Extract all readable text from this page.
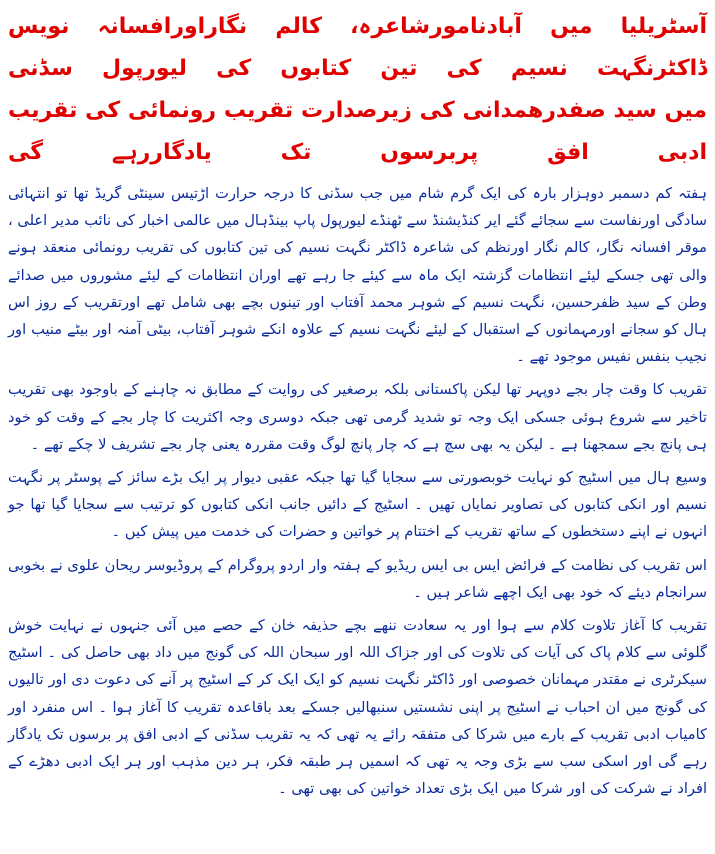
آسٹریلیا میں آبادنامورشاعرہ، کالم نگاراورافسانہ نویس ڈاکٹرنگہت نسیم کی تین کتابوں کی لیورپول سڈنی
میں سید صفدرھمدانی کی زیرصدارت تقریب رونمائی کی تقریب ادبی افق پربرسوں تک یادگاررہے گی

ہفتہ کم دسمبر دوہزار بارہ کی ایک گرم شام میں جب سڈنی کا درجہ حرارت اڑتیس سینٹی گریڈ تھا تو انتہائی سادگی اورنفاست سے سجائے گئے ایر کنڈیشنڈ سے ٹھنڈے لیورپول پاپ بینڈہال میں عالمی اخبار کی نائب مدیر اعلی ، موقر افسانہ نگار، کالم نگار اورنظم کی شاعرہ ڈاکٹر نگہت نسیم کی تین کتابوں کی تقریب رونمائی منعقد ہونے والی تھی جسکے لیئے انتظامات گزشتہ ایک ماہ سے کیئے جا رہے تھے اوران انتظامات کے لیئے مشوروں میں صدائے وطن کے سید ظفرحسین، نگہت نسیم کے شوہر محمد آفتاب اور تینوں بچے بھی شامل تھے اورتقریب کے روز اس ہال کو سجانے اورمہمانوں کے استقبال کے لیئے نگہت نسیم کے علاوہ انکے شوہر آفتاب، بیٹی آمنہ اور بیٹے منیب اور نجیب بنفس نفیس موجود تھے ۔

تقریب کا وقت چار بجے دوپہر تھا لیکن پاکستانی بلکہ برصغیر کی روایت کے مطابق نہ چاہنے کے باوجود بھی تقریب تاخیر سے شروع ہوئی جسکی ایک وجہ تو شدید گرمی تھی جبکہ دوسری وجہ اکثریت کا چار بجے کے وقت کو خود ہی پانچ بجے سمجھنا ہے ۔ لیکن یہ بھی سچ ہے کہ چار پانچ لوگ وقت مقررہ یعنی چار بجے تشریف لا چکے تھے ۔

وسیع ہال میں اسٹیج کو نہایت خوبصورتی سے سجایا گیا تھا جبکہ عقبی دیوار پر ایک بڑے سائز کے پوسٹر پر نگہت نسیم اور انکی کتابوں کی تصاویر نمایاں تھیں ۔ اسٹیج کے دائیں جانب انکی کتابوں کو ترتیب سے سجایا گیا تھا جو انہوں نے اپنے دستخطوں کے ساتھ تقریب کے اختتام پر خواتین و حضرات کی خدمت میں پیش کیں ۔

اس تقریب کی نظامت کے فرائض ایس بی ایس ریڈیو کے ہفتہ وار اردو پروگرام کے پروڈیوسر ریحان علوی نے بخوبی سرانجام دیئے کہ خود بھی ایک اچھے شاعر ہیں ۔

تقریب کا آغاز تلاوت کلام سے ہوا اور یہ سعادت ننھے بچے حذیفہ خان کے حصے میں آئی جنہوں نے نہایت خوش گلوئی سے کلام پاک کی آیات کی تلاوت کی اور جزاک اللہ اور سبحان اللہ کی گونج میں داد بھی حاصل کی ۔ اسٹیج سیکرٹری نے مقتدر مہمانان خصوصی اور ڈاکٹر نگہت نسیم کو ایک ایک کر کے اسٹیج پر آنے کی دعوت دی اور تالیوں کی گونج میں ان احباب نے اسٹیج پر اپنی نشستیں سنبھالیں جسکے بعد باقاعدہ تقریب کا آغاز ہوا ۔ اس منفرد اور کامیاب ادبی تقریب کے بارے میں شرکا کی متفقہ رائے یہ تھی کہ یہ تقریب سڈنی کے ادبی افق پر برسوں تک یادگار رہے گی اور اسکی سب سے بڑی وجہ یہ تھی کہ اسمیں ہر طبقہ فکر، ہر دین مذہب اور ہر ایک ادبی دھڑے کے افراد نے شرکت کی اور شرکا میں ایک بڑی تعداد خواتین کی بھی تھی ۔
